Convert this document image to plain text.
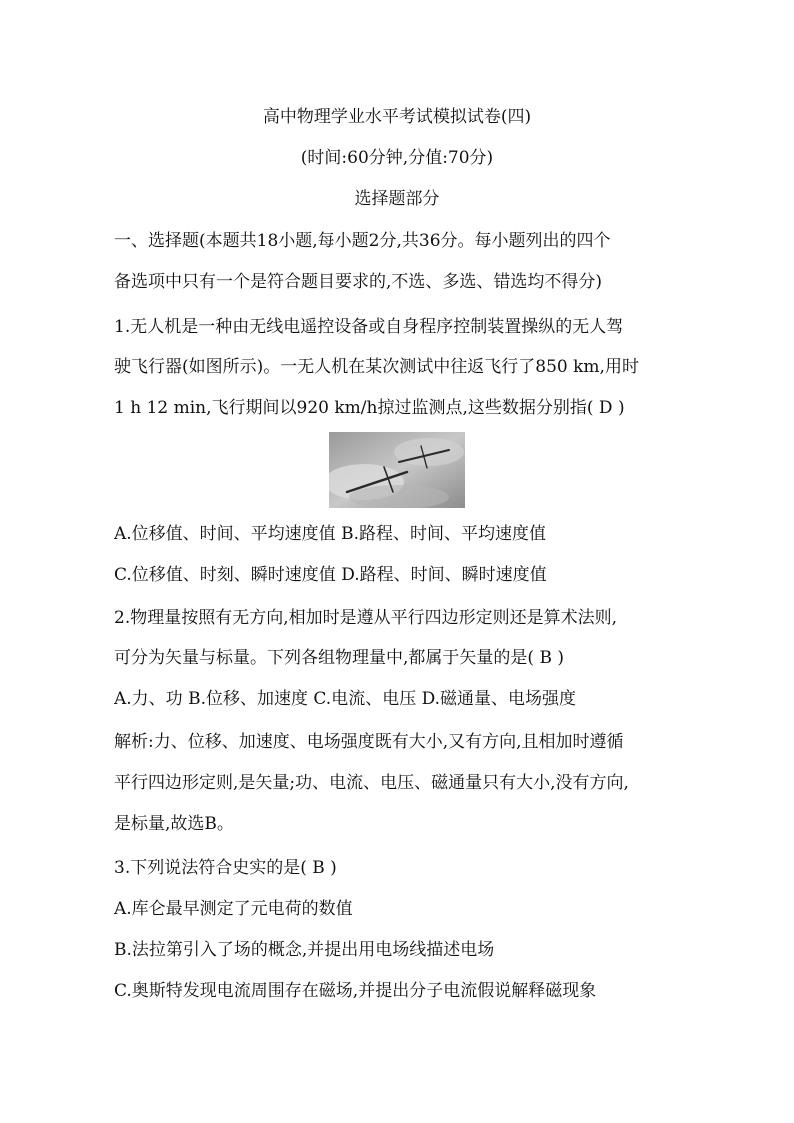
高中物理学业水平考试模拟试卷(四)
(时间:60分钟,分值:70分)
选择题部分
一、选择题(本题共18小题,每小题2分,共36分。每小题列出的四个
备选项中只有一个是符合题目要求的,不选、多选、错选均不得分)
1.无人机是一种由无线电遥控设备或自身程序控制装置操纵的无人驾
驶飞行器(如图所示)。一无人机在某次测试中往返飞行了850 km,用时
1 h 12 min,飞行期间以920 km/h掠过监测点,这些数据分别指( D )
A.位移值、时间、平均速度值 B.路程、时间、平均速度值
C.位移值、时刻、瞬时速度值 D.路程、时间、瞬时速度值
2.物理量按照有无方向,相加时是遵从平行四边形定则还是算术法则,
可分为矢量与标量。下列各组物理量中,都属于矢量的是( B )
A.力、功 B.位移、加速度 C.电流、电压 D.磁通量、电场强度
解析:力、位移、加速度、电场强度既有大小,又有方向,且相加时遵循
平行四边形定则,是矢量;功、电流、电压、磁通量只有大小,没有方向,
是标量,故选B。
3.下列说法符合史实的是( B )
A.库仑最早测定了元电荷的数值
B.法拉第引入了场的概念,并提出用电场线描述电场
C.奥斯特发现电流周围存在磁场,并提出分子电流假说解释磁现象
